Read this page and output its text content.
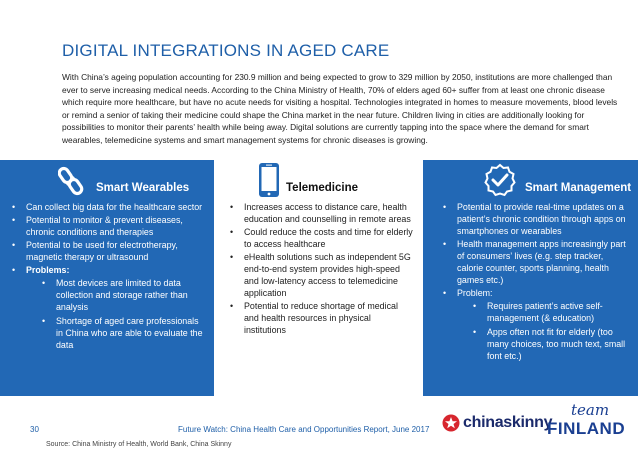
DIGITAL INTEGRATIONS IN AGED CARE
With China’s ageing population accounting for 230.9 million and being expected to grow to 329 million by 2050, institutions are more challenged than ever to serve increasing medical needs. According to the China Ministry of Health, 70% of elders aged 60+ suffer from at least one chronic disease which require more healthcare, but have no acute needs for visiting a hospital. Technologies integrated in homes to measure movements, blood levels or remind a senior of taking their medicine could shape the China market in the near future. Children living in cities are additionally looking for possibilities to monitor their parents’ health while being away. Digital solutions are currently tapping into the space where the demand for smart wearables, telemedicine systems and smart management systems for chronic diseases is growing.
Smart Wearables
• Can collect big data for the healthcare sector
• Potential to monitor & prevent diseases, chronic conditions and therapies
• Potential to be used for electrotherapy, magnetic therapy or ultrasound
• Problems:
• Most devices are limited to data collection and storage rather than analysis
• Shortage of aged care professionals in China who are able to evaluate the data
Telemedicine
• Increases access to distance care, health education and counselling in remote areas
• Could reduce the costs and time for elderly to access healthcare
• eHealth solutions such as independent 5G end-to-end system provides high-speed and low-latency access to telemedicine application
• Potential to reduce shortage of medical and health resources in physical institutions
Smart Management
• Potential to provide real-time updates on a patient’s chronic condition through apps on smartphones or wearables
• Health management apps increasingly part of consumers’ lives (e.g. step tracker, calorie counter, sports planning, health games etc.)
• Problem:
• Requires patient’s active self-management (& education)
• Apps often not fit for elderly (too many choices, too much text, small font etc.)
30	Future Watch: China Health Care and Opportunities Report, June 2017
Source: China Ministry of Health, World Bank, China Skinny
chinaskinny
team
FINLAND
